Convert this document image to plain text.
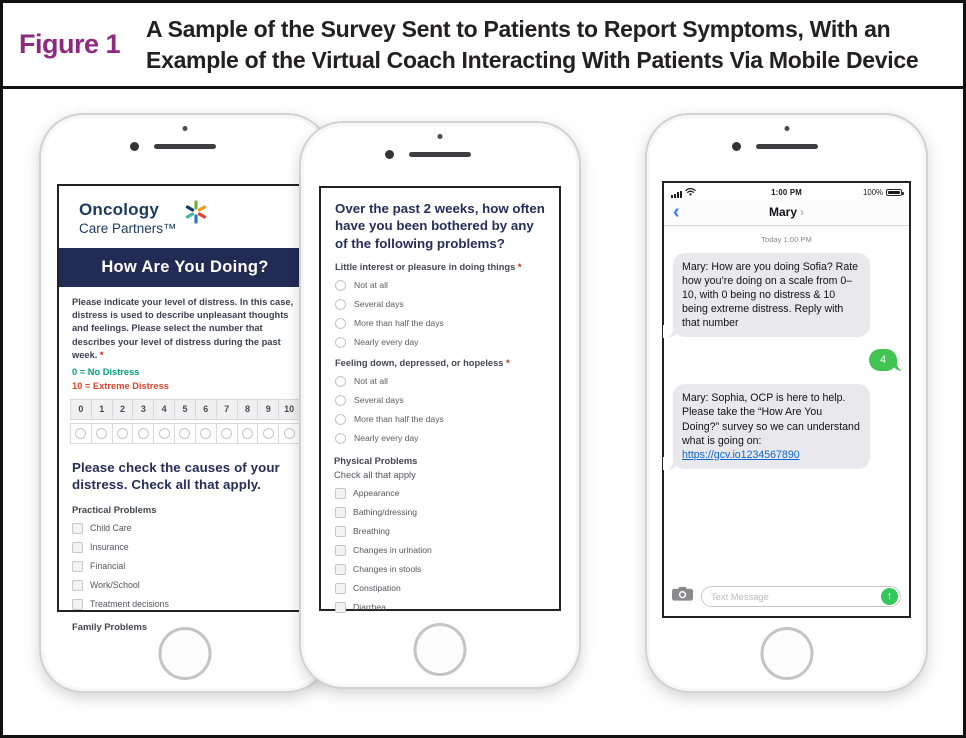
Figure 1 A Sample of the Survey Sent to Patients to Report Symptoms, With an
Example of the Virtual Coach Interacting With Patients Via Mobile Device
Oncology
Care Partners™
How Are You Doing?
Please indicate your level of distress. In this case, distress is used to describe unpleasant thoughts and feelings. Please select the number that describes your level of distress during the past week. *
0 = No Distress
10 = Extreme Distress
0 1 2 3 4 5 6 7 8 9 10
Please check the causes of your distress. Check all that apply.
Practical Problems
Child Care
Insurance
Financial
Work/School
Treatment decisions
Family Problems
Over the past 2 weeks, how often have you been bothered by any of the following problems?
Little interest or pleasure in doing things *
Not at all
Several days
More than half the days
Nearly every day
Feeling down, depressed, or hopeless *
Not at all
Several days
More than half the days
Nearly every day
Physical Problems
Check all that apply
Appearance
Bathing/dressing
Breathing
Changes in urination
Changes in stools
Constipation
Diarrhea
1:00 PM	100%
‹	Mary ›
Today 1:00 PM
Mary: How are you doing Sofia? Rate how you’re doing on a scale from 0–10, with 0 being no distress & 10 being extreme distress. Reply with that number
4
Mary: Sophia, OCP is here to help. Please take the “How Are You Doing?” survey so we can understand what is going on:
https://gcv.io1234567890
Text Message
↑
